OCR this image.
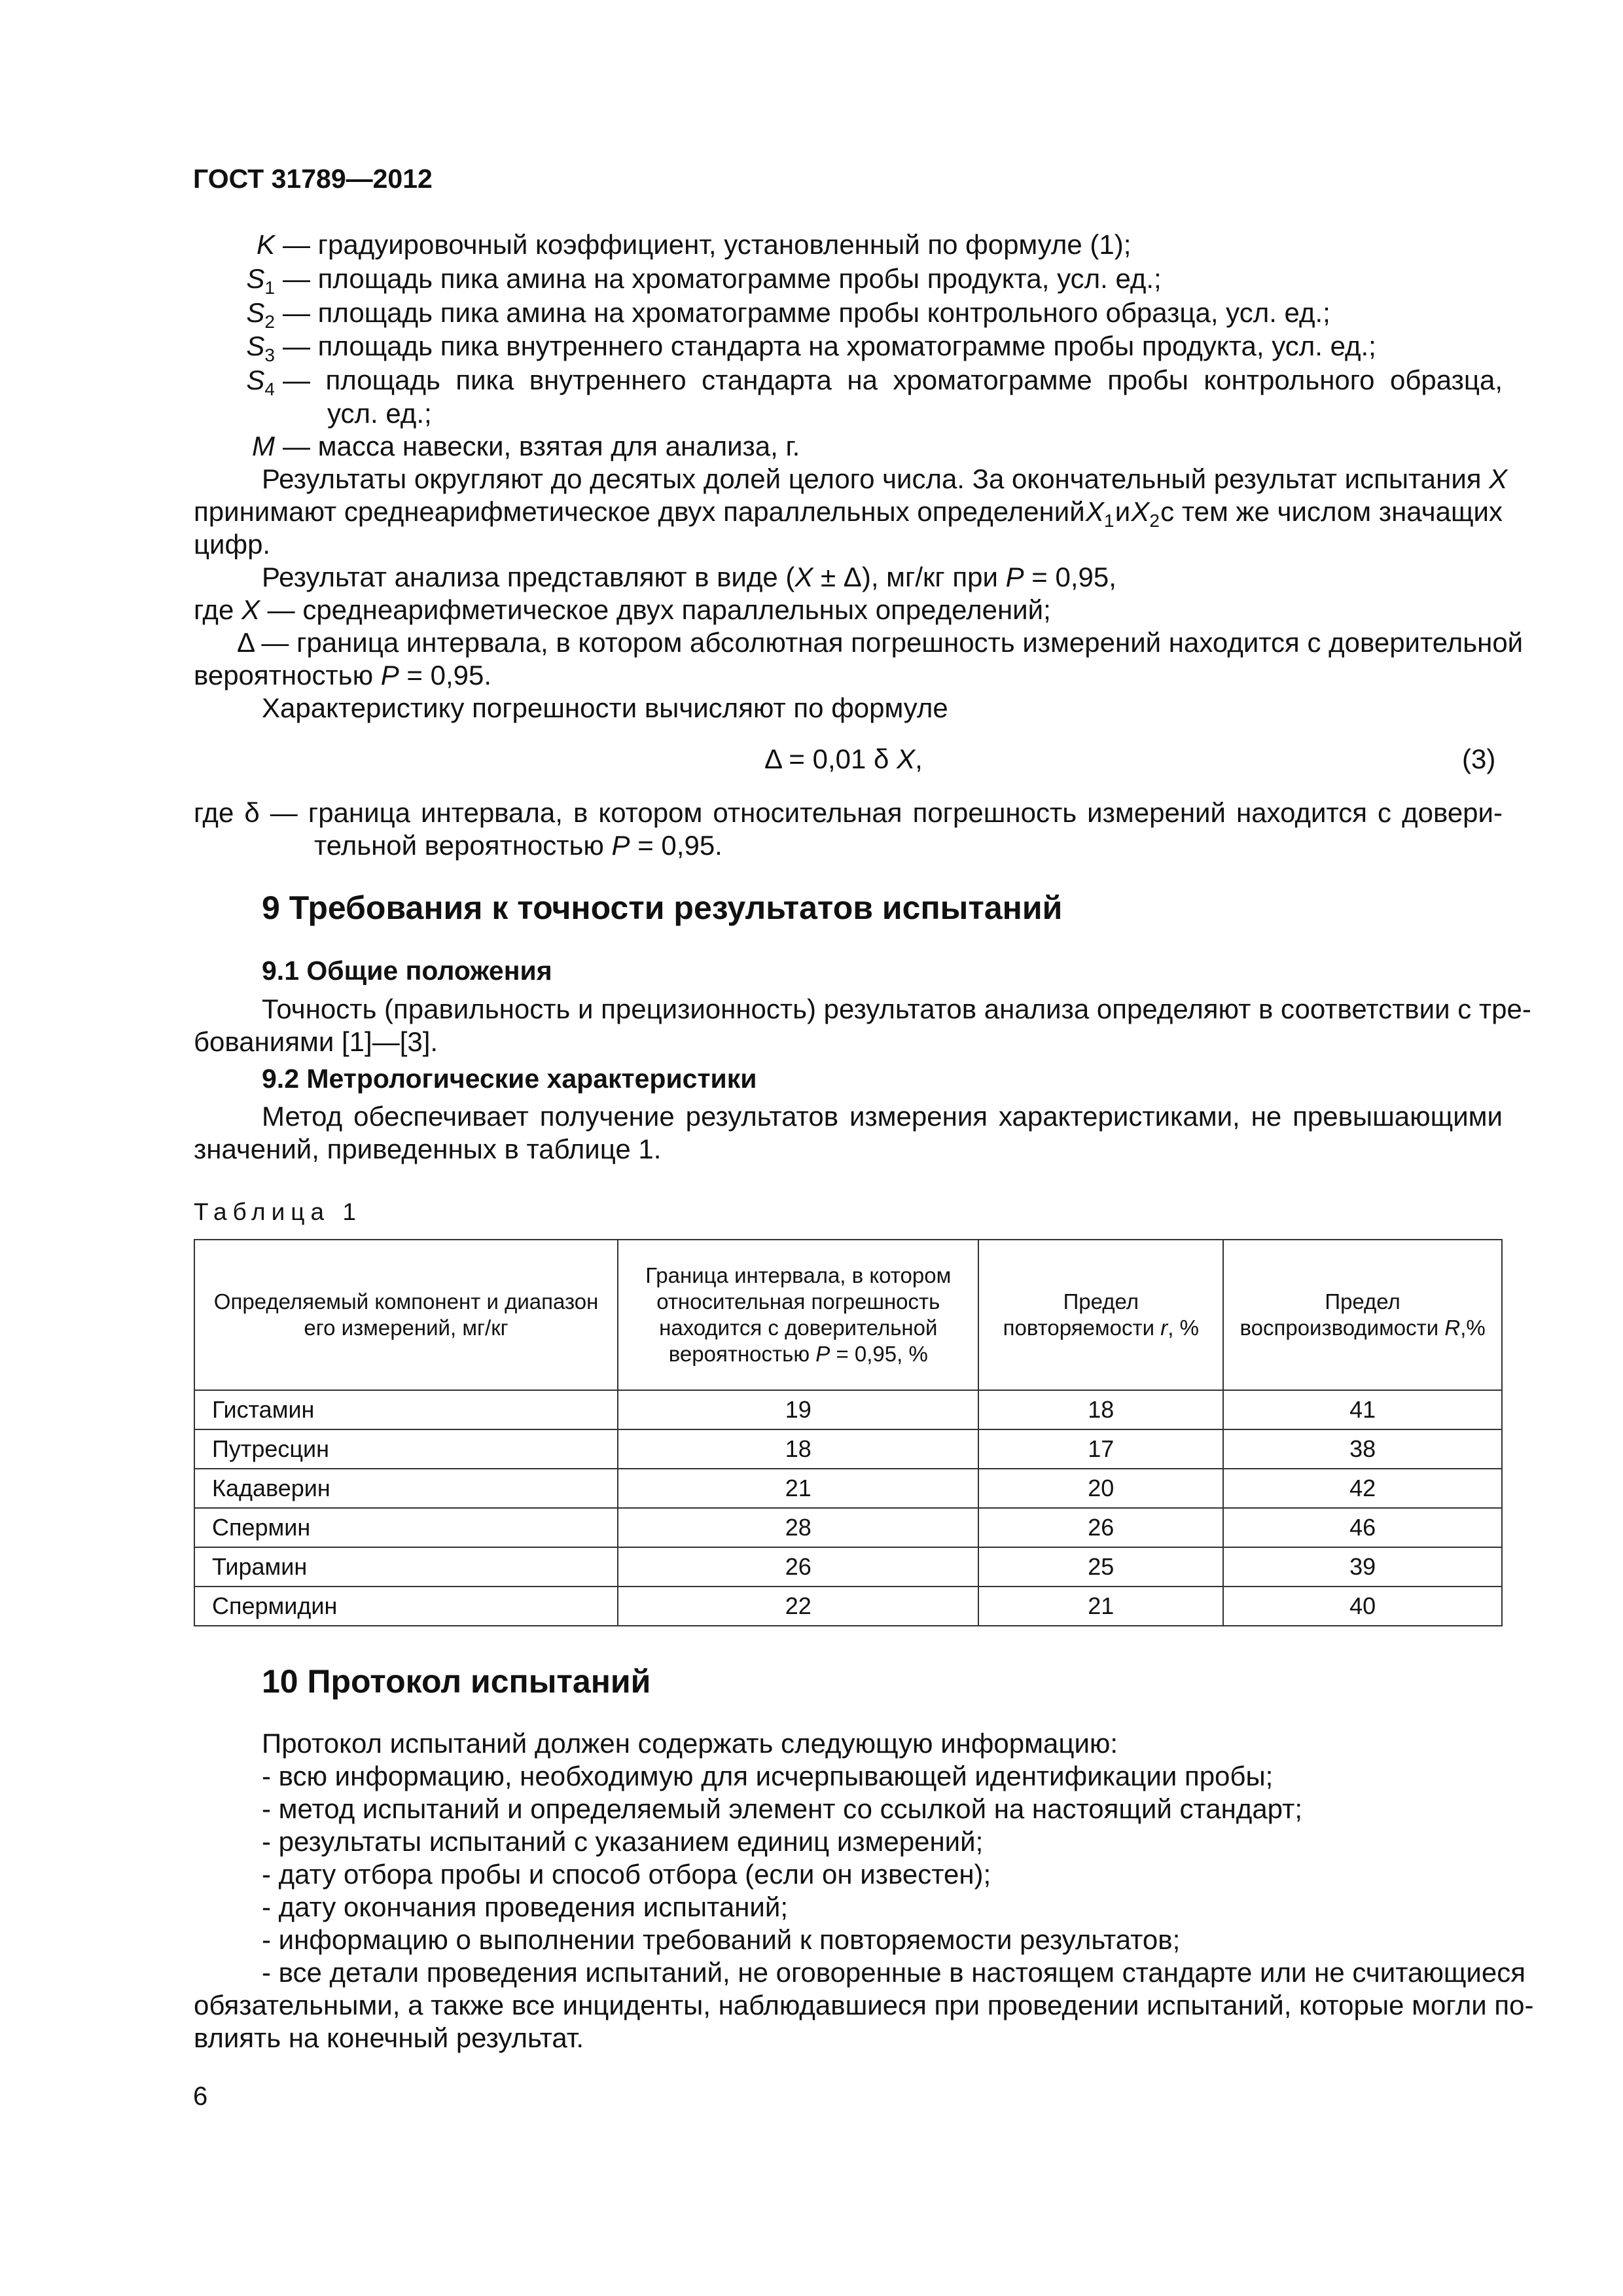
ГОСТ 31789—2012
K — градуировочный коэффициент, установленный по формуле (1);
$S_1$ — площадь пика амина на хроматограмме пробы продукта, усл. ед.;
$S_2$ — площадь пика амина на хроматограмме пробы контрольного образца, усл. ед.;
$S_3$ — площадь пика внутреннего стандарта на хроматограмме пробы продукта, усл. ед.;
$S_4$ — площадь пика внутреннего стандарта на хроматограмме пробы контрольного образца,
усл. ед.;
M — масса навески, взятая для анализа, г.
Результаты округляют до десятых долей целого числа. За окончательный результат испытания X
принимают среднеарифметическое двух параллельных определений $X_1$ и $X_2$ с тем же числом значащих
цифр.
Результат анализа представляют в виде (X ± Δ), мг/кг при P = 0,95,
где X — среднеарифметическое двух параллельных определений;
Δ — граница интервала, в котором абсолютная погрешность измерений находится с доверительной
вероятностью P = 0,95.
Характеристику погрешности вычисляют по формуле
Δ = 0,01 δ X,	(3)
где δ — граница интервала, в котором относительная погрешность измерений находится с довери-
тельной вероятностью P = 0,95.
9 Требования к точности результатов испытаний
9.1 Общие положения
Точность (правильность и прецизионность) результатов анализа определяют в соответствии с тре-
бованиями [1]—[3].
9.2 Метрологические характеристики
Метод обеспечивает получение результатов измерения характеристиками, не превышающими
значений, приведенных в таблице 1.
Таблица 1
Определяемый компонент и диапазон его измерений, мг/кг	Граница интервала, в котором относительная погрешность находится с доверительной вероятностью P = 0,95, %	Предел повторяемости r, %	Предел воспроизводимости R,%
Гистамин	19	18	41
Путресцин	18	17	38
Кадаверин	21	20	42
Спермин	28	26	46
Тирамин	26	25	39
Спермидин	22	21	40
10 Протокол испытаний
Протокол испытаний должен содержать следующую информацию:
- всю информацию, необходимую для исчерпывающей идентификации пробы;
- метод испытаний и определяемый элемент со ссылкой на настоящий стандарт;
- результаты испытаний с указанием единиц измерений;
- дату отбора пробы и способ отбора (если он известен);
- дату окончания проведения испытаний;
- информацию о выполнении требований к повторяемости результатов;
- все детали проведения испытаний, не оговоренные в настоящем стандарте или не считающиеся
обязательными, а также все инциденты, наблюдавшиеся при проведении испытаний, которые могли по-
влиять на конечный результат.
6
